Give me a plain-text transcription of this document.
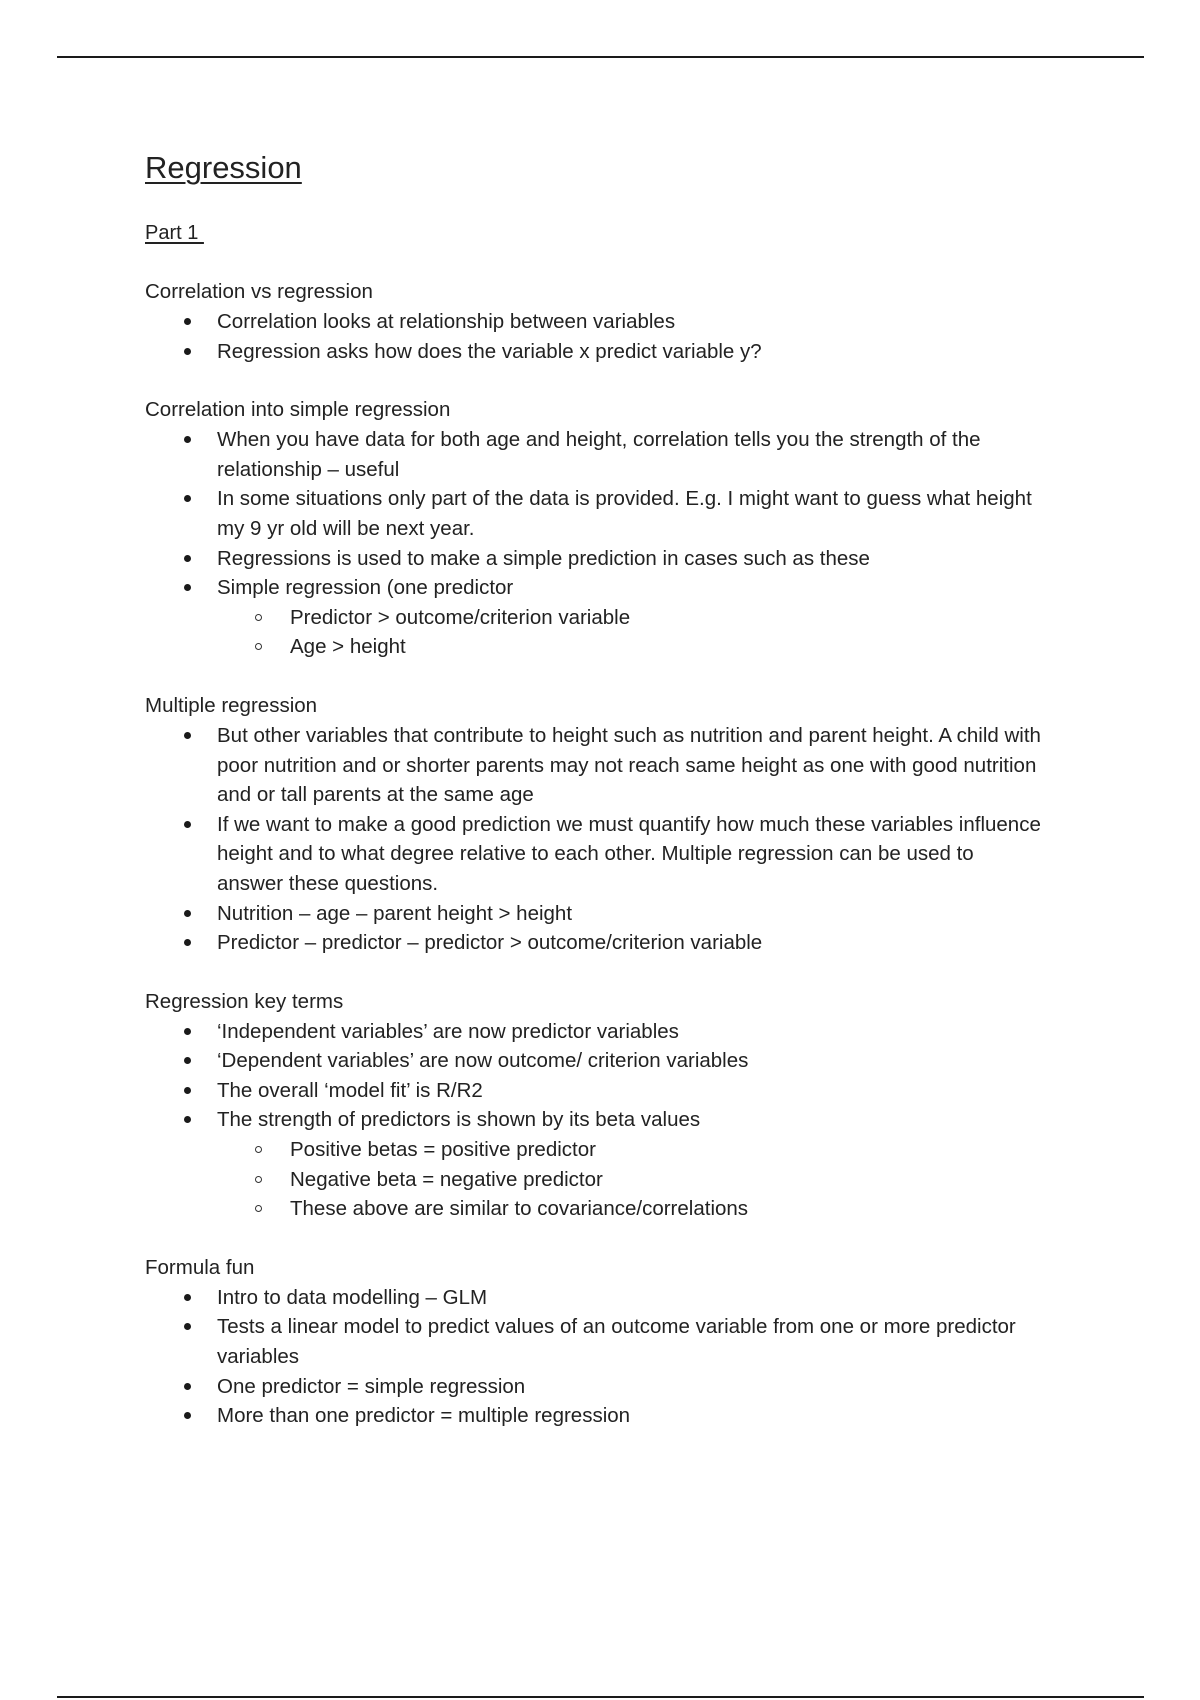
Regression
Part 1
Correlation vs regression
Correlation looks at relationship between variables
Regression asks how does the variable x predict variable y?
Correlation into simple regression
When you have data for both age and height, correlation tells you the strength of the relationship – useful
In some situations only part of the data is provided. E.g. I might want to guess what height my 9 yr old will be next year.
Regressions is used to make a simple prediction in cases such as these
Simple regression (one predictor
Predictor > outcome/criterion variable
Age > height
Multiple regression
But other variables that contribute to height such as nutrition and parent height. A child with poor nutrition and or shorter parents may not reach same height as one with good nutrition and or tall parents at the same age
If we want to make a good prediction we must quantify how much these variables influence height and to what degree relative to each other. Multiple regression can be used to answer these questions.
Nutrition – age – parent height > height
Predictor – predictor – predictor > outcome/criterion variable
Regression key terms
‘Independent variables’ are now predictor variables
‘Dependent variables’ are now outcome/ criterion variables
The overall ‘model fit’ is R/R2
The strength of predictors is shown by its beta values
Positive betas = positive predictor
Negative beta = negative predictor
These above are similar to covariance/correlations
Formula fun
Intro to data modelling – GLM
Tests a linear model to predict values of an outcome variable from one or more predictor variables
One predictor = simple regression
More than one predictor = multiple regression
